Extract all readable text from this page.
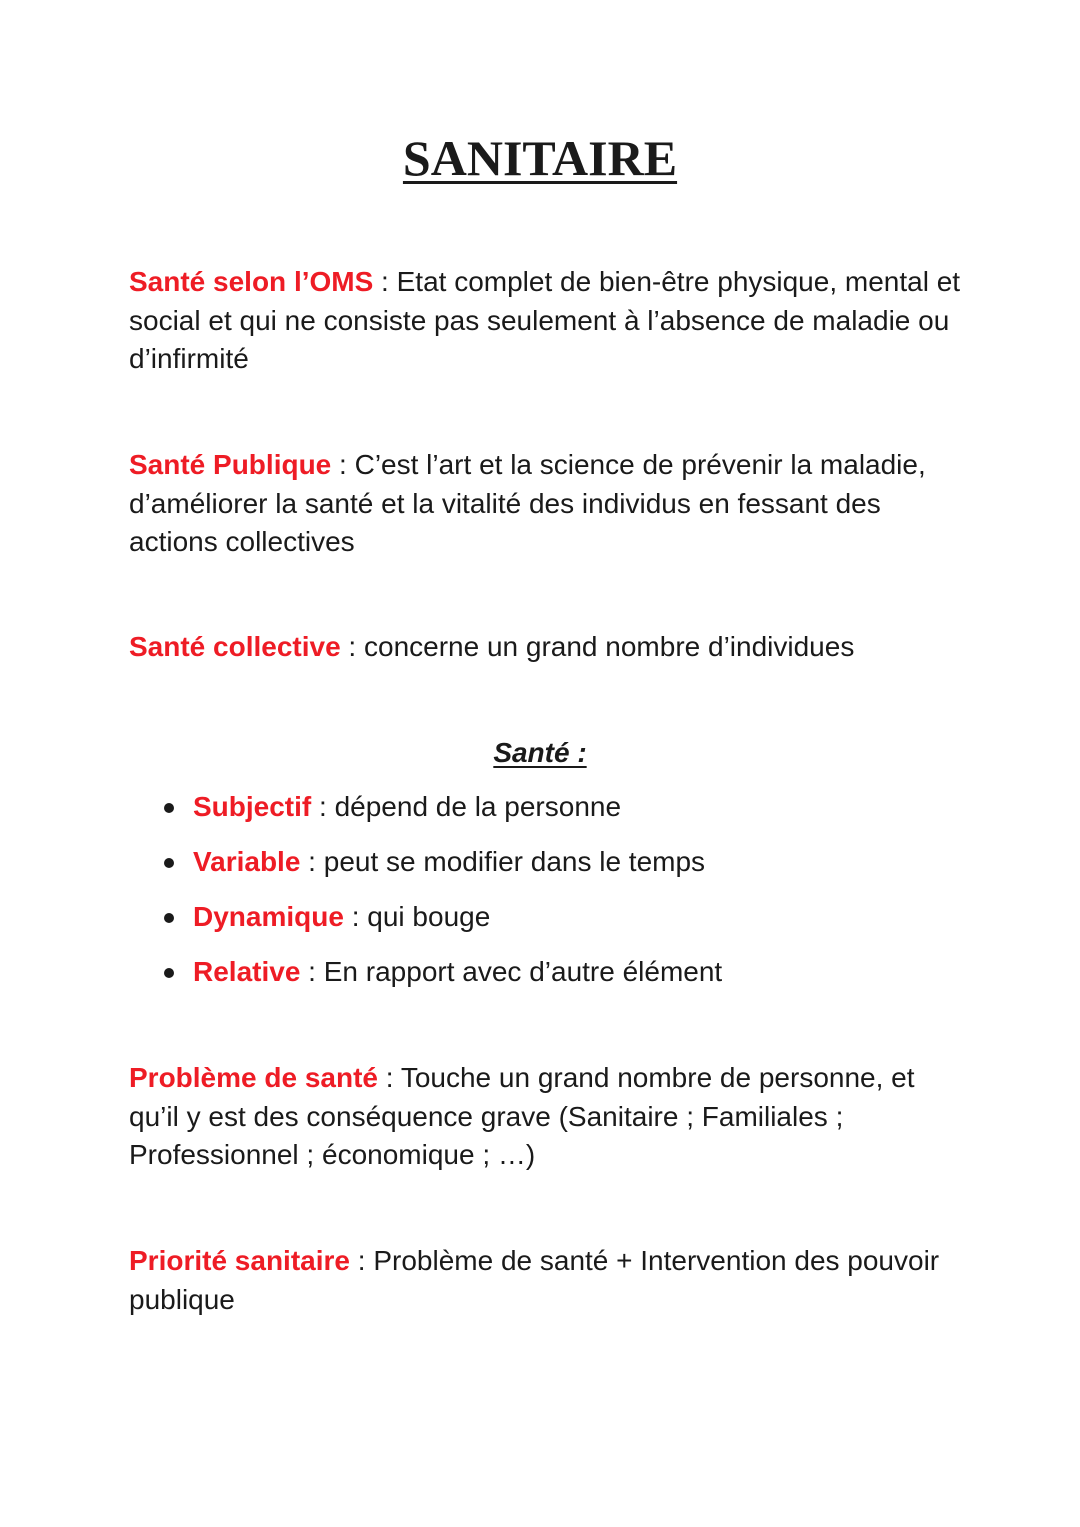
SANITAIRE

Santé selon l’OMS : Etat complet de bien-être physique, mental et social et qui ne consiste pas seulement à l’absence de maladie ou d’infirmité

Santé Publique : C’est l’art et la science de prévenir la maladie, d’améliorer la santé et la vitalité des individus en fessant des actions collectives

Santé collective : concerne un grand nombre d’individues

Santé :
Subjectif : dépend de la personne
Variable : peut se modifier dans le temps
Dynamique : qui bouge
Relative : En rapport avec d’autre élément

Problème de santé : Touche un grand nombre de personne, et qu’il y est des conséquence grave (Sanitaire ; Familiales ; Professionnel ; économique ; …)

Priorité sanitaire : Problème de santé + Intervention des pouvoir publique
